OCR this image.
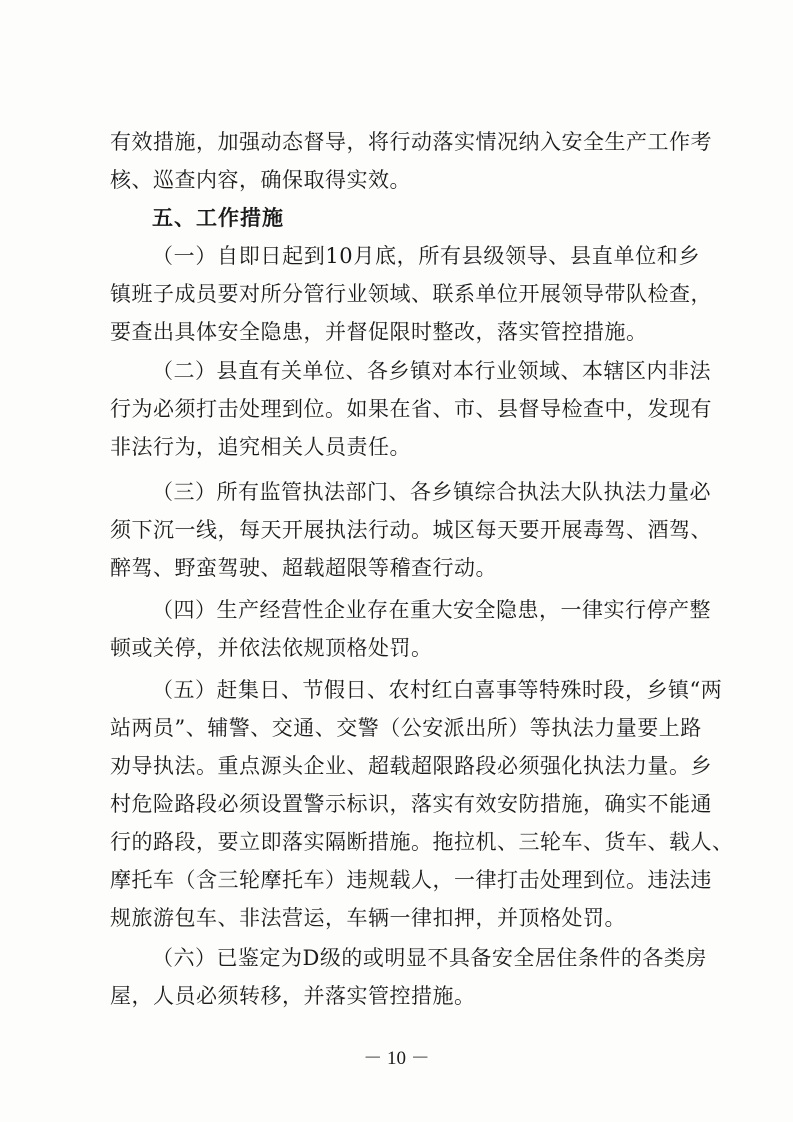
有效措施，加强动态督导，将行动落实情况纳入安全生产工作考
核、巡查内容，确保取得实效。
五、工作措施
（一）自即日起到10月底，所有县级领导、县直单位和乡
镇班子成员要对所分管行业领域、联系单位开展领导带队检查，
要查出具体安全隐患，并督促限时整改，落实管控措施。
（二）县直有关单位、各乡镇对本行业领域、本辖区内非法
行为必须打击处理到位。如果在省、市、县督导检查中，发现有
非法行为，追究相关人员责任。
（三）所有监管执法部门、各乡镇综合执法大队执法力量必
须下沉一线，每天开展执法行动。城区每天要开展毒驾、酒驾、
醉驾、野蛮驾驶、超载超限等稽查行动。
（四）生产经营性企业存在重大安全隐患，一律实行停产整
顿或关停，并依法依规顶格处罚。
（五）赶集日、节假日、农村红白喜事等特殊时段，乡镇“两
站两员”、辅警、交通、交警（公安派出所）等执法力量要上路
劝导执法。重点源头企业、超载超限路段必须强化执法力量。乡
村危险路段必须设置警示标识，落实有效安防措施，确实不能通
行的路段，要立即落实隔断措施。拖拉机、三轮车、货车、载人、
摩托车（含三轮摩托车）违规载人，一律打击处理到位。违法违
规旅游包车、非法营运，车辆一律扣押，并顶格处罚。
（六）已鉴定为D级的或明显不具备安全居住条件的各类房
屋，人员必须转移，并落实管控措施。
－ 10 －
